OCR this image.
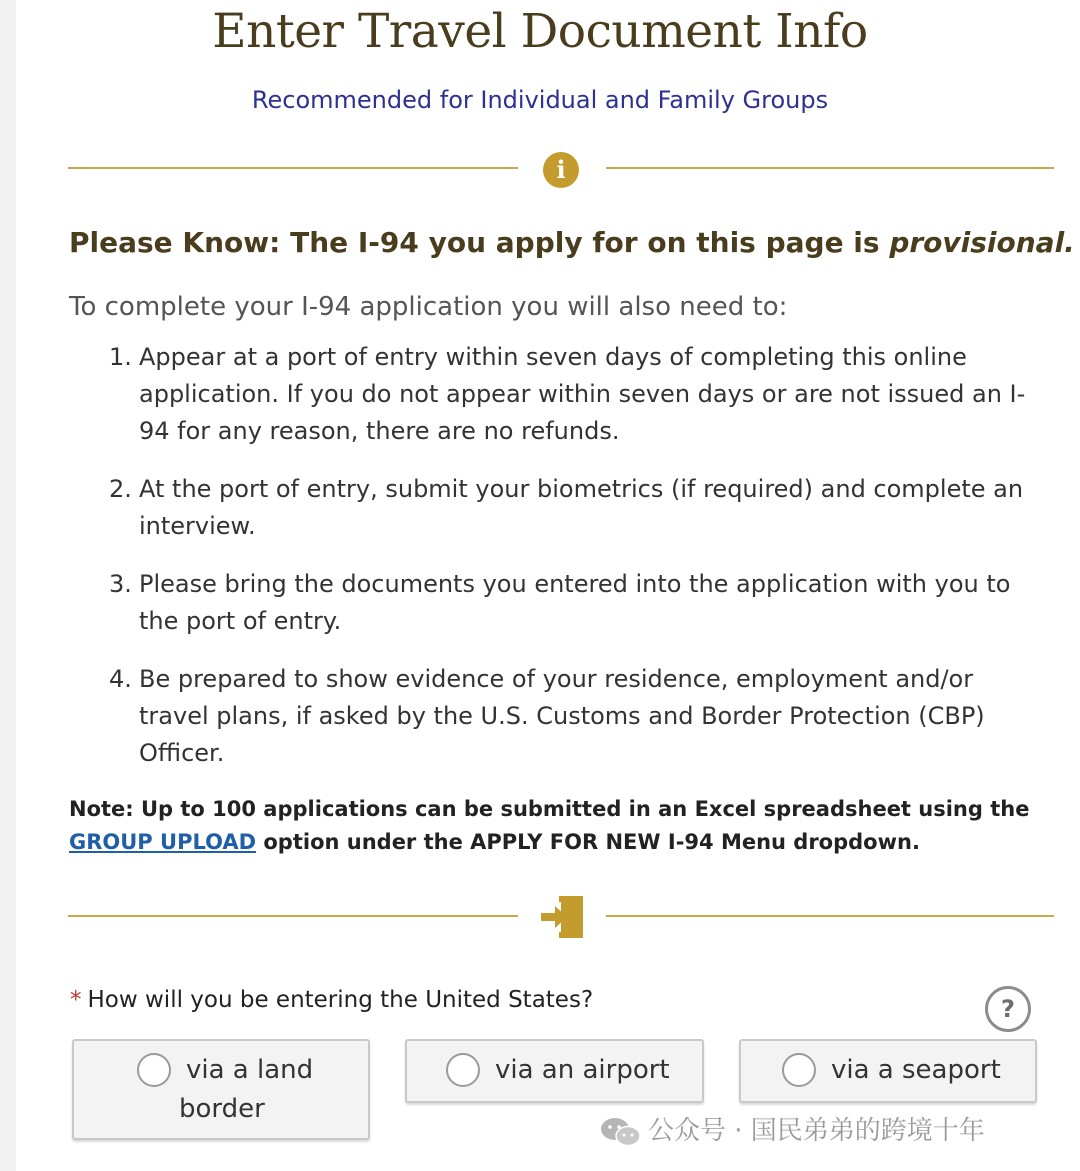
Enter Travel Document Info
Recommended for Individual and Family Groups
i
Please Know: The I-94 you apply for on this page is provisional.
To complete your I-94 application you will also need to:
1. Appear at a port of entry within seven days of completing this online application. If you do not appear within seven days or are not issued an I-94 for any reason, there are no refunds.
2. At the port of entry, submit your biometrics (if required) and complete an interview.
3. Please bring the documents you entered into the application with you to the port of entry.
4. Be prepared to show evidence of your residence, employment and/or travel plans, if asked by the U.S. Customs and Border Protection (CBP) Officer.
Note: Up to 100 applications can be submitted in an Excel spreadsheet using the GROUP UPLOAD option under the APPLY FOR NEW I-94 Menu dropdown.
* How will you be entering the United States?	?
via a land
border
via an airport	via a seaport
公众号 · 国民弟弟的跨境十年
